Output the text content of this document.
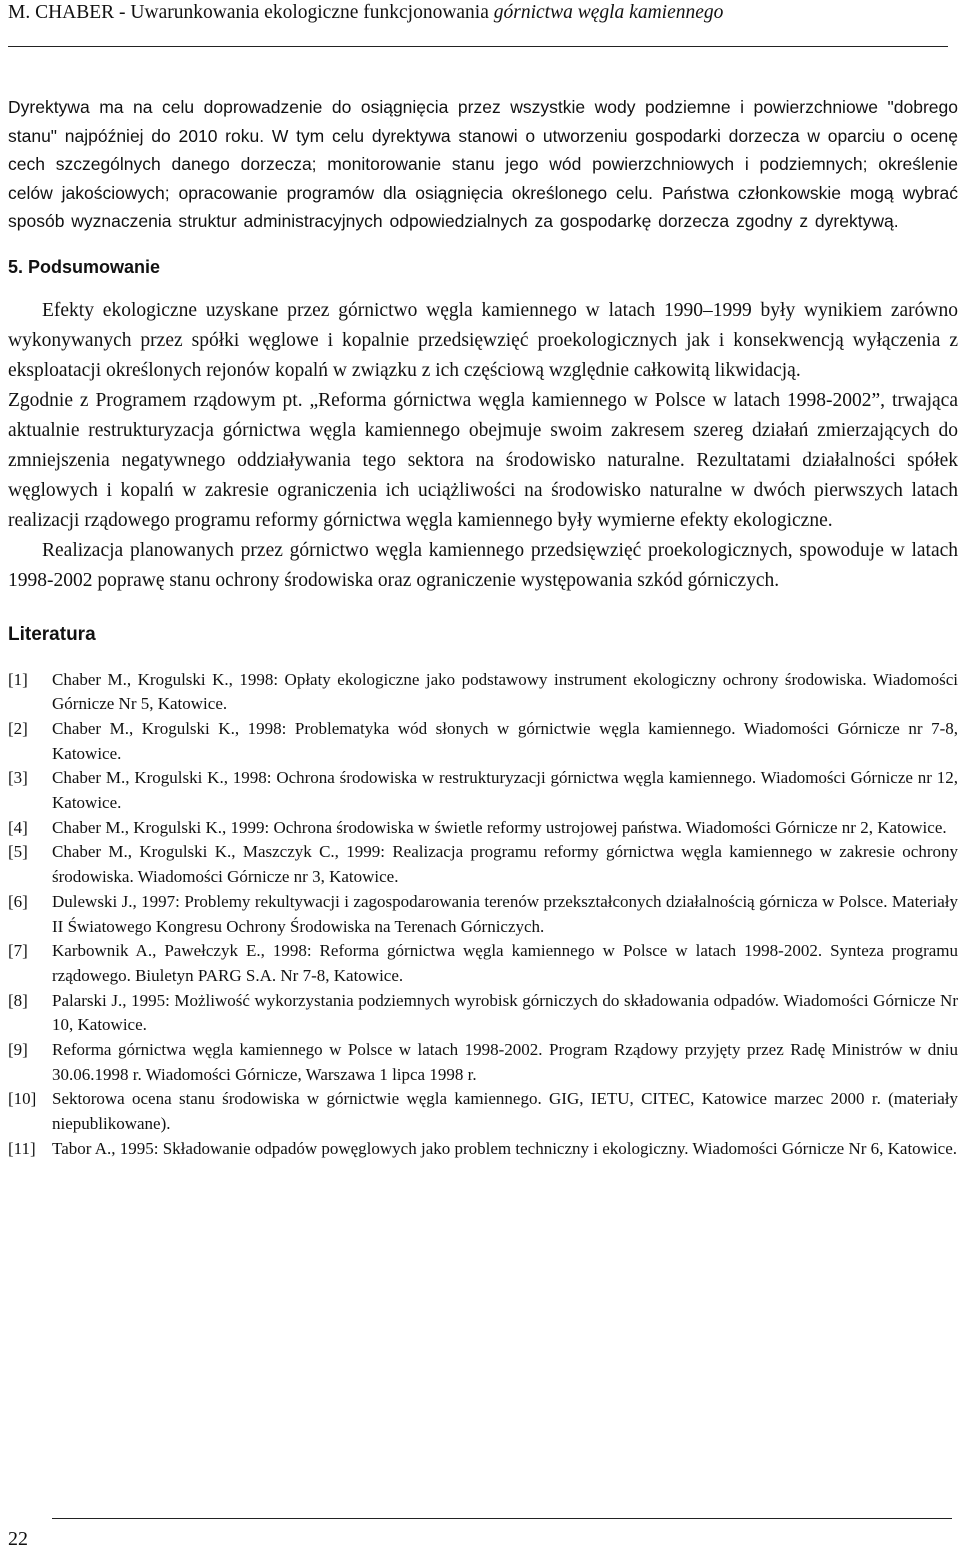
M. CHABER - Uwarunkowania ekologiczne funkcjonowania górnictwa węgla kamiennego

Dyrektywa ma na celu doprowadzenie do osiągnięcia przez wszystkie wody podziemne i powierzchniowe "dobrego stanu" najpóźniej do 2010 roku. W tym celu dyrektywa stanowi o utworzeniu gospodarki dorzecza w oparciu o ocenę cech szczególnych danego dorzecza; monitorowanie stanu jego wód powierzchniowych i podziemnych; określenie celów jakościowych; opracowanie programów dla osiągnięcia określonego celu. Państwa członkowskie mogą wybrać sposób wyznaczenia struktur administracyjnych odpowiedzialnych za gospodarkę dorzecza zgodny z dyrektywą.

5. Podsumowanie

Efekty ekologiczne uzyskane przez górnictwo węgla kamiennego w latach 1990–1999 były wynikiem zarówno wykonywanych przez spółki węglowe i kopalnie przedsięwzięć proekologicznych jak i konsekwencją wyłączenia z eksploatacji określonych rejonów kopalń w związku z ich częściową względnie całkowitą likwidacją.

Zgodnie z Programem rządowym pt. „Reforma górnictwa węgla kamiennego w Polsce w latach 1998-2002”, trwająca aktualnie restrukturyzacja górnictwa węgla kamiennego obejmuje swoim zakresem szereg działań zmierzających do zmniejszenia negatywnego oddziaływania tego sektora na środowisko naturalne. Rezultatami działalności spółek węglowych i kopalń w zakresie ograniczenia ich uciążliwości na środowisko naturalne w dwóch pierwszych latach realizacji rządowego programu reformy górnictwa węgla kamiennego były wymierne efekty ekologiczne.

Realizacja planowanych przez górnictwo węgla kamiennego przedsięwzięć proekologicznych, spowoduje w latach 1998-2002 poprawę stanu ochrony środowiska oraz ograniczenie występowania szkód górniczych.

Literatura
[1]	Chaber M., Krogulski K., 1998: Opłaty ekologiczne jako podstawowy instrument ekologiczny ochrony środowiska. Wiadomości Górnicze Nr 5, Katowice.
[2]	Chaber M., Krogulski K., 1998: Problematyka wód słonych w górnictwie węgla kamiennego. Wiadomości Górnicze nr 7-8, Katowice.
[3]	Chaber M., Krogulski K., 1998: Ochrona środowiska w restrukturyzacji górnictwa węgla kamiennego. Wiadomości Górnicze nr 12, Katowice.
[4]	Chaber M., Krogulski K., 1999: Ochrona środowiska w świetle reformy ustrojowej państwa. Wiadomości Górnicze nr 2, Katowice.
[5]	Chaber M., Krogulski K., Maszczyk C., 1999: Realizacja programu reformy górnictwa węgla kamiennego w zakresie ochrony środowiska. Wiadomości Górnicze nr 3, Katowice.
[6]	Dulewski J., 1997: Problemy rekultywacji i zagospodarowania terenów przekształconych działalnością górnicza w Polsce. Materiały II Światowego Kongresu Ochrony Środowiska na Terenach Górniczych.
[7]	Karbownik A., Pawełczyk E., 1998: Reforma górnictwa węgla kamiennego w Polsce w latach 1998-2002. Synteza programu rządowego. Biuletyn PARG S.A. Nr 7-8, Katowice.
[8]	Palarski J., 1995: Możliwość wykorzystania podziemnych wyrobisk górniczych do składowania odpadów. Wiadomości Górnicze Nr 10, Katowice.
[9]	Reforma górnictwa węgla kamiennego w Polsce w latach 1998-2002. Program Rządowy przyjęty przez Radę Ministrów w dniu 30.06.1998 r. Wiadomości Górnicze, Warszawa 1 lipca 1998 r.
[10] Sektorowa ocena stanu środowiska w górnictwie węgla kamiennego. GIG, IETU, CITEC, Katowice marzec 2000 r. (materiały niepublikowane).
[11] Tabor A., 1995: Składowanie odpadów powęglowych jako problem techniczny i ekologiczny. Wiadomości Górnicze Nr 6, Katowice.
22
